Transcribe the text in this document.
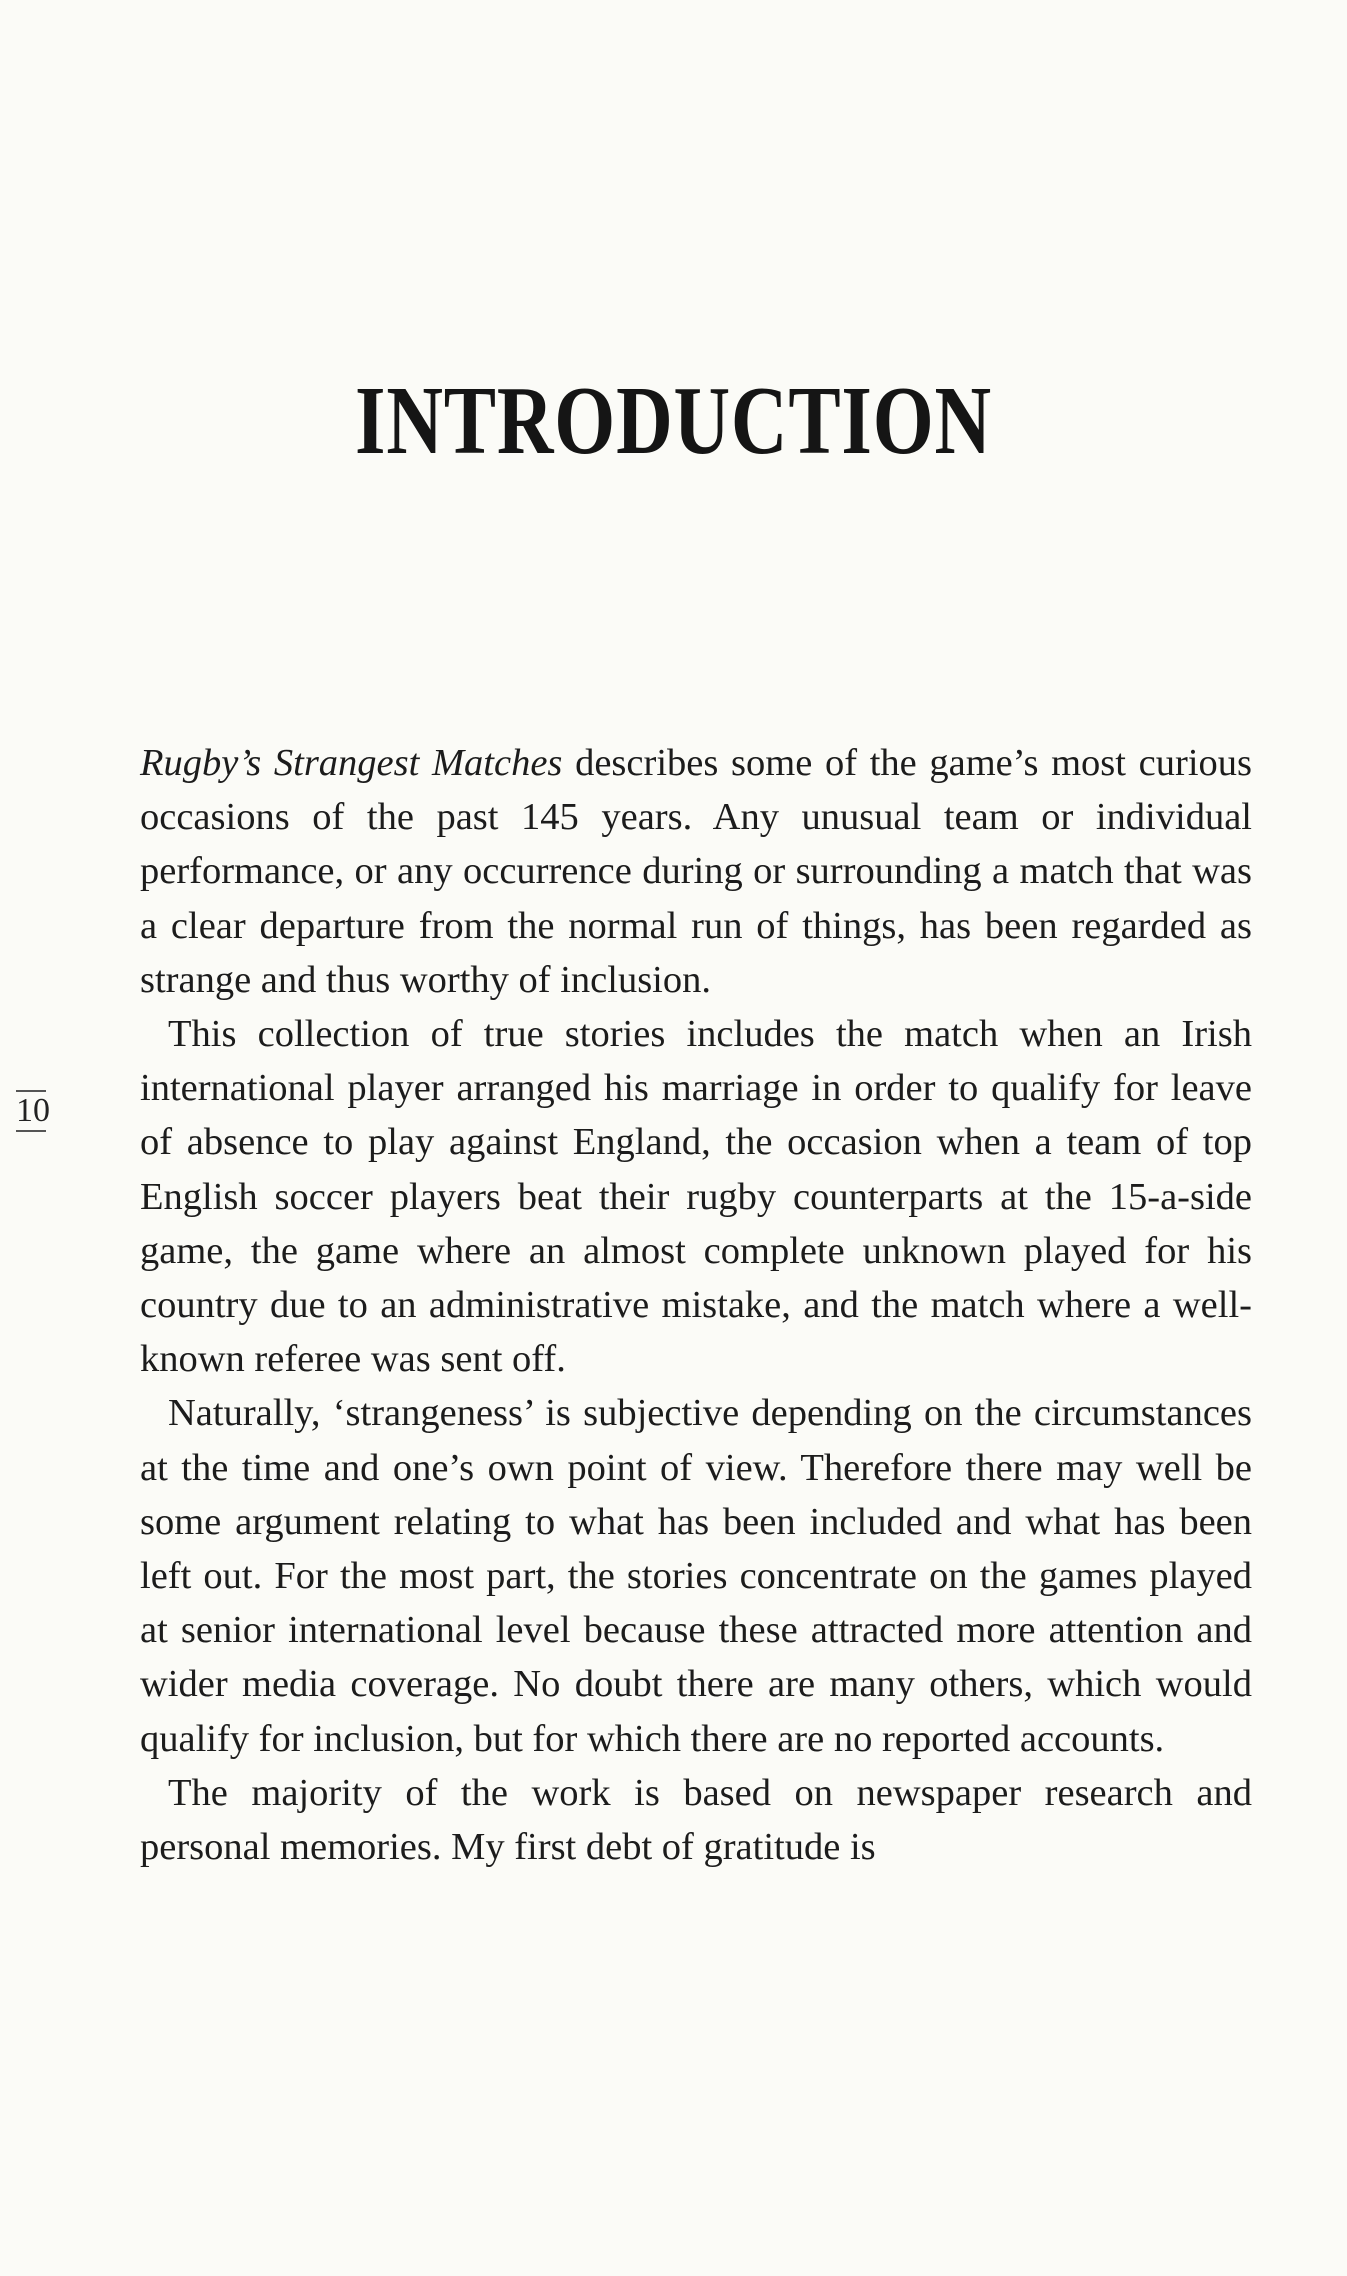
INTRODUCTION
10

Rugby’s Strangest Matches describes some of the game’s most curious occasions of the past 145 years. Any unusual team or individual performance, or any occurrence during or surrounding a match that was a clear departure from the normal run of things, has been regarded as strange and thus worthy of inclusion.

This collection of true stories includes the match when an Irish international player arranged his marriage in order to qualify for leave of absence to play against England, the occasion when a team of top English soccer players beat their rugby counterparts at the 15-a-side game, the game where an almost complete unknown played for his country due to an administrative mistake, and the match where a well-known referee was sent off.

Naturally, ‘strangeness’ is subjective depending on the circumstances at the time and one’s own point of view. Therefore there may well be some argument relating to what has been included and what has been left out. For the most part, the stories concentrate on the games played at senior international level because these attracted more attention and wider media coverage. No doubt there are many others, which would qualify for inclusion, but for which there are no reported accounts.

The majority of the work is based on newspaper research and personal memories. My first debt of gratitude is
